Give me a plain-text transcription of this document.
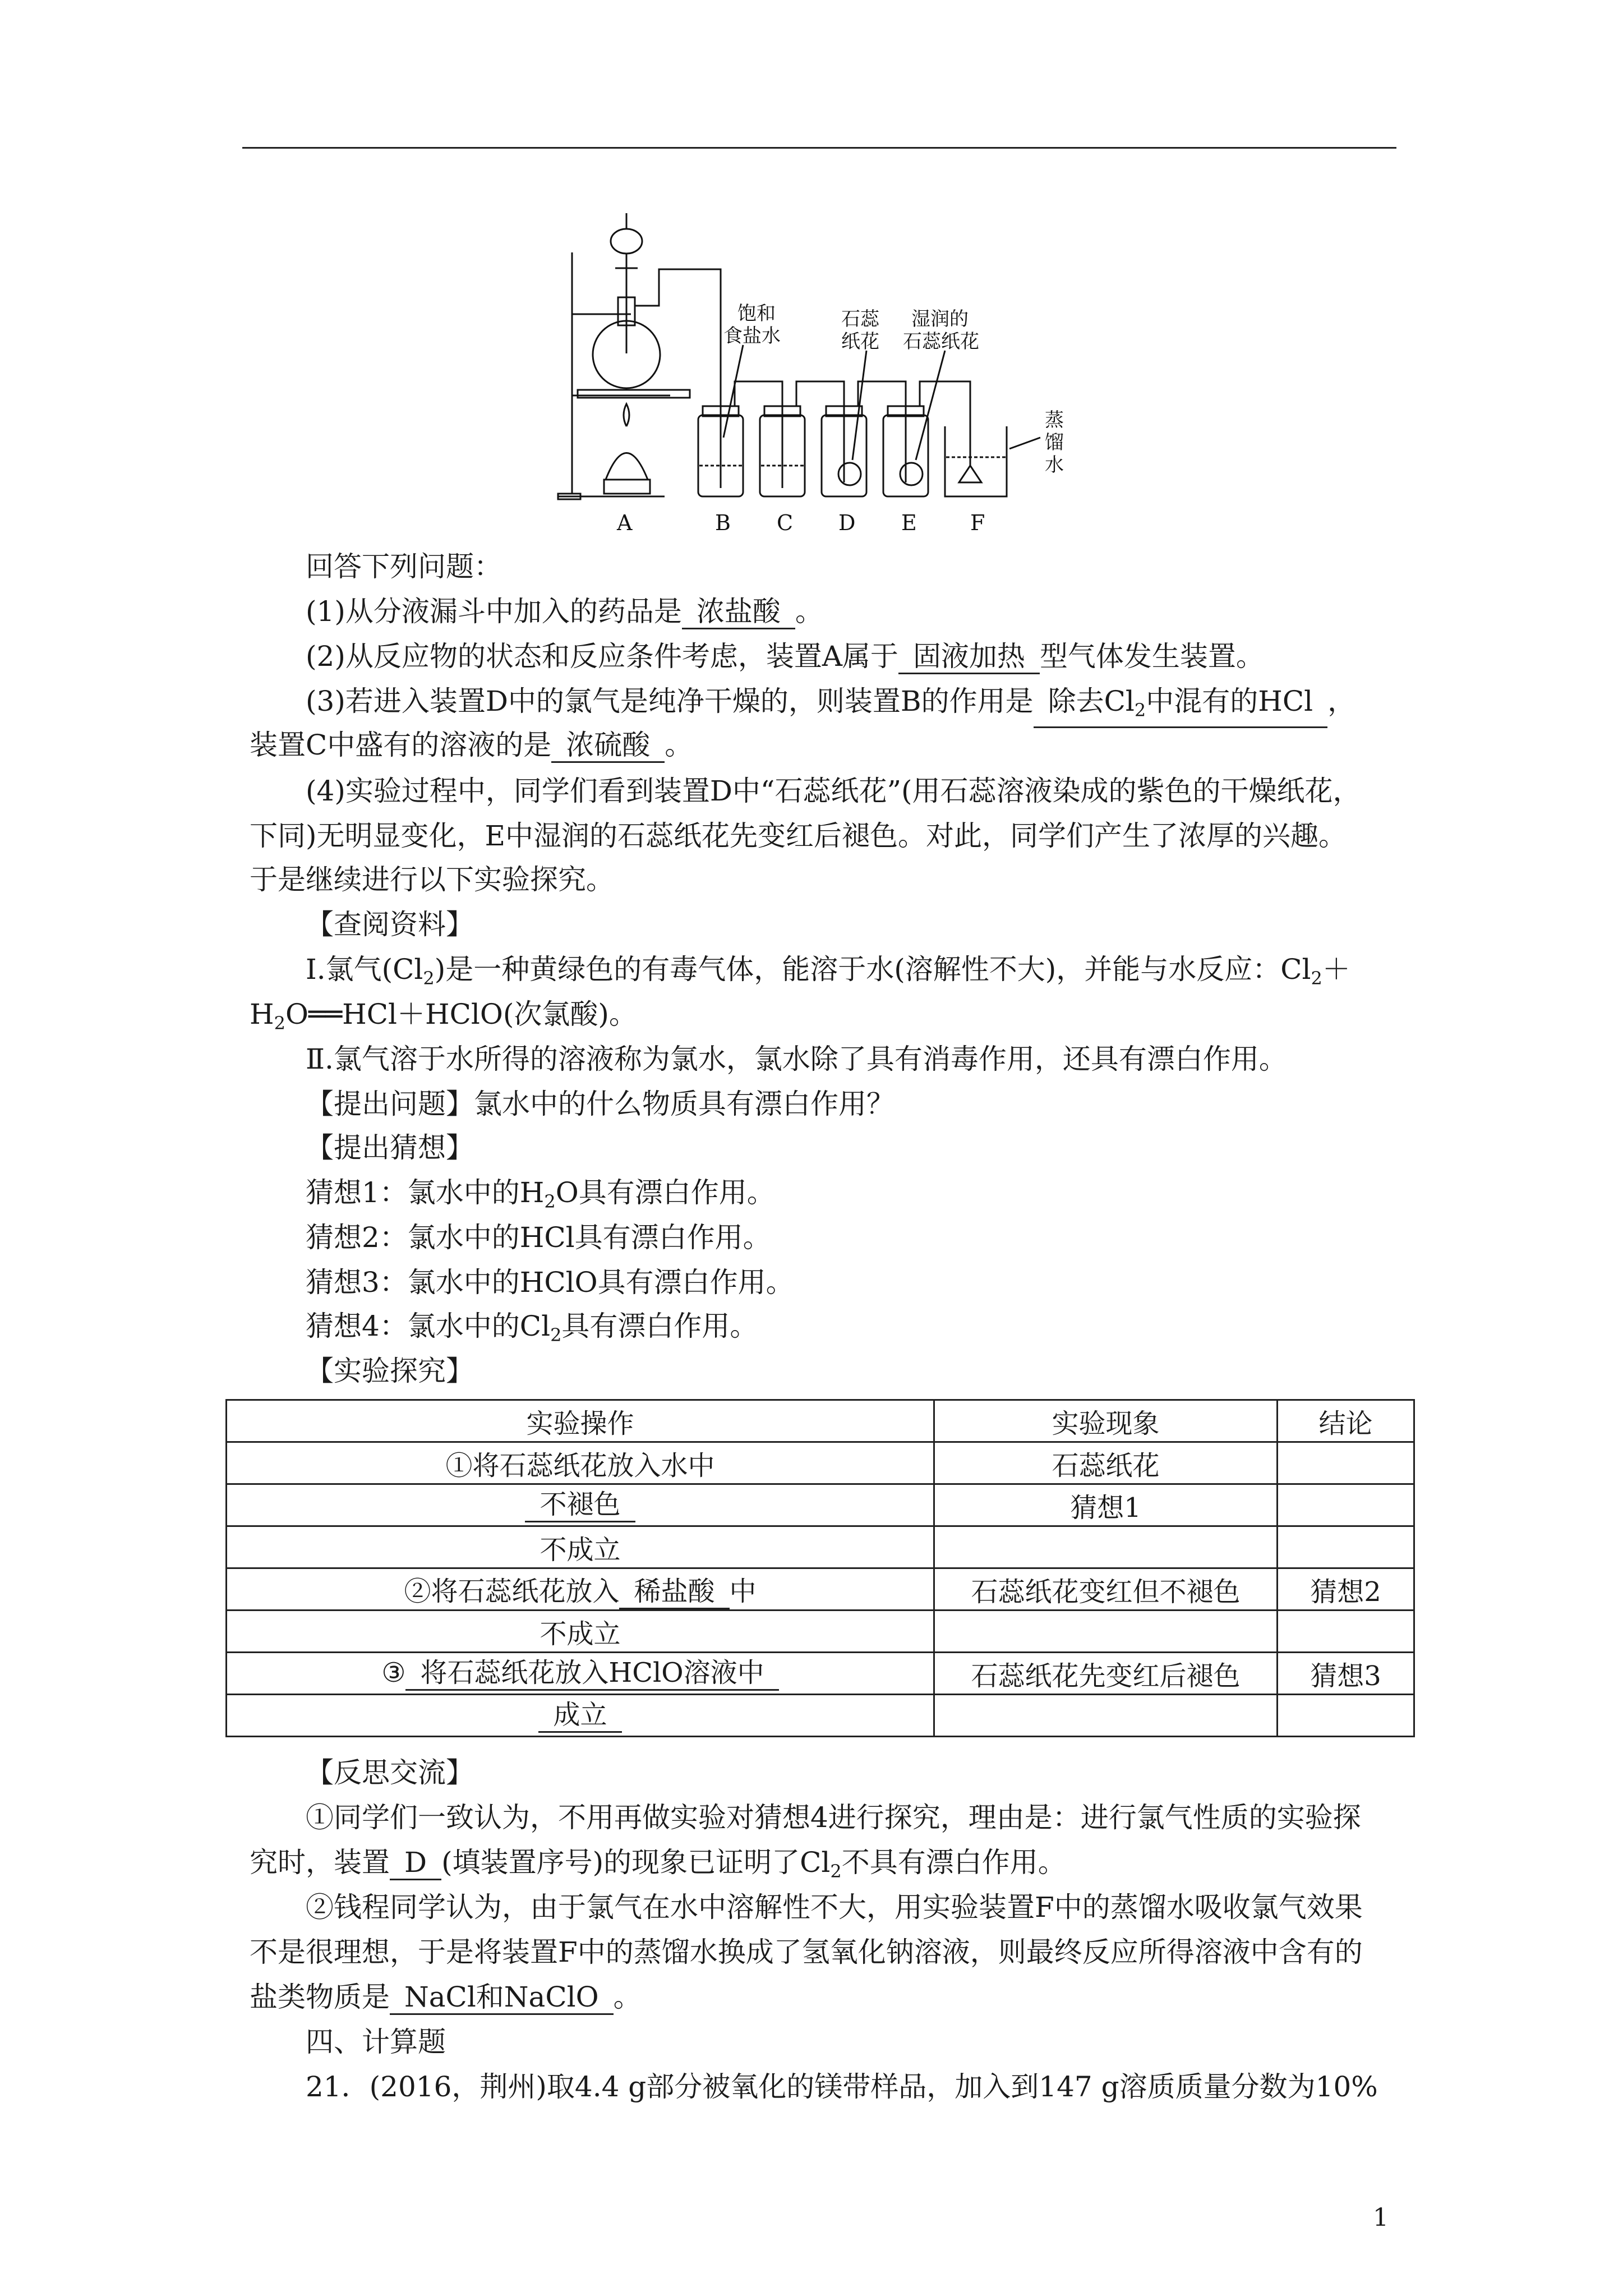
饱和
食盐水
石蕊
纸花
湿润的
石蕊纸花
蒸
馏
水
A	B C D E	F
回答下列问题：
(1)从分液漏斗中加入的药品是 浓盐酸 。
(2)从反应物的状态和反应条件考虑，装置A属于 固液加热 型气体发生装置。
(3)若进入装置D中的氯气是纯净干燥的，则装置B的作用是 除去$Cl_2$中混有的HCl ，
装置C中盛有的溶液的是 浓硫酸 。
(4)实验过程中，同学们看到装置D中“石蕊纸花”(用石蕊溶液染成的紫色的干燥纸花，
下同)无明显变化，E中湿润的石蕊纸花先变红后褪色。对此，同学们产生了浓厚的兴趣。
于是继续进行以下实验探究。
【查阅资料】
Ⅰ.氯气$(Cl_2)$是一种黄绿色的有毒气体，能溶于水(溶解性不大)，并能与水反应：$Cl_2+$
$H_2O══HCl+HClO$(次氯酸)。
Ⅱ.氯气溶于水所得的溶液称为氯水，氯水除了具有消毒作用，还具有漂白作用。
【提出问题】氯水中的什么物质具有漂白作用？
【提出猜想】
猜想1：氯水中的$H_2O$具有漂白作用。
猜想2：氯水中的HCl具有漂白作用。
猜想3：氯水中的HClO具有漂白作用。
猜想4：氯水中的$Cl_2$具有漂白作用。
【实验探究】
实验操作	实验现象	结论
①将石蕊纸花放入水中	石蕊纸花	
不褪色	猜想1	
不成立		
②将石蕊纸花放入 稀盐酸 中	石蕊纸花变红但不褪色	猜想2
不成立		
③ 将石蕊纸花放入HClO溶液中	石蕊纸花先变红后褪色	猜想3
成立		
【反思交流】
①同学们一致认为，不用再做实验对猜想4进行探究，理由是：进行氯气性质的实验探
究时，装置 D (填装置序号)的现象已证明了$Cl_2$不具有漂白作用。
②钱程同学认为，由于氯气在水中溶解性不大，用实验装置F中的蒸馏水吸收氯气效果
不是很理想，于是将装置F中的蒸馏水换成了氢氧化钠溶液，则最终反应所得溶液中含有的
盐类物质是 NaCl和NaClO 。
四、计算题
21．(2016，荆州)取4.4 g部分被氧化的镁带样品，加入到147 g溶质质量分数为10%
1
